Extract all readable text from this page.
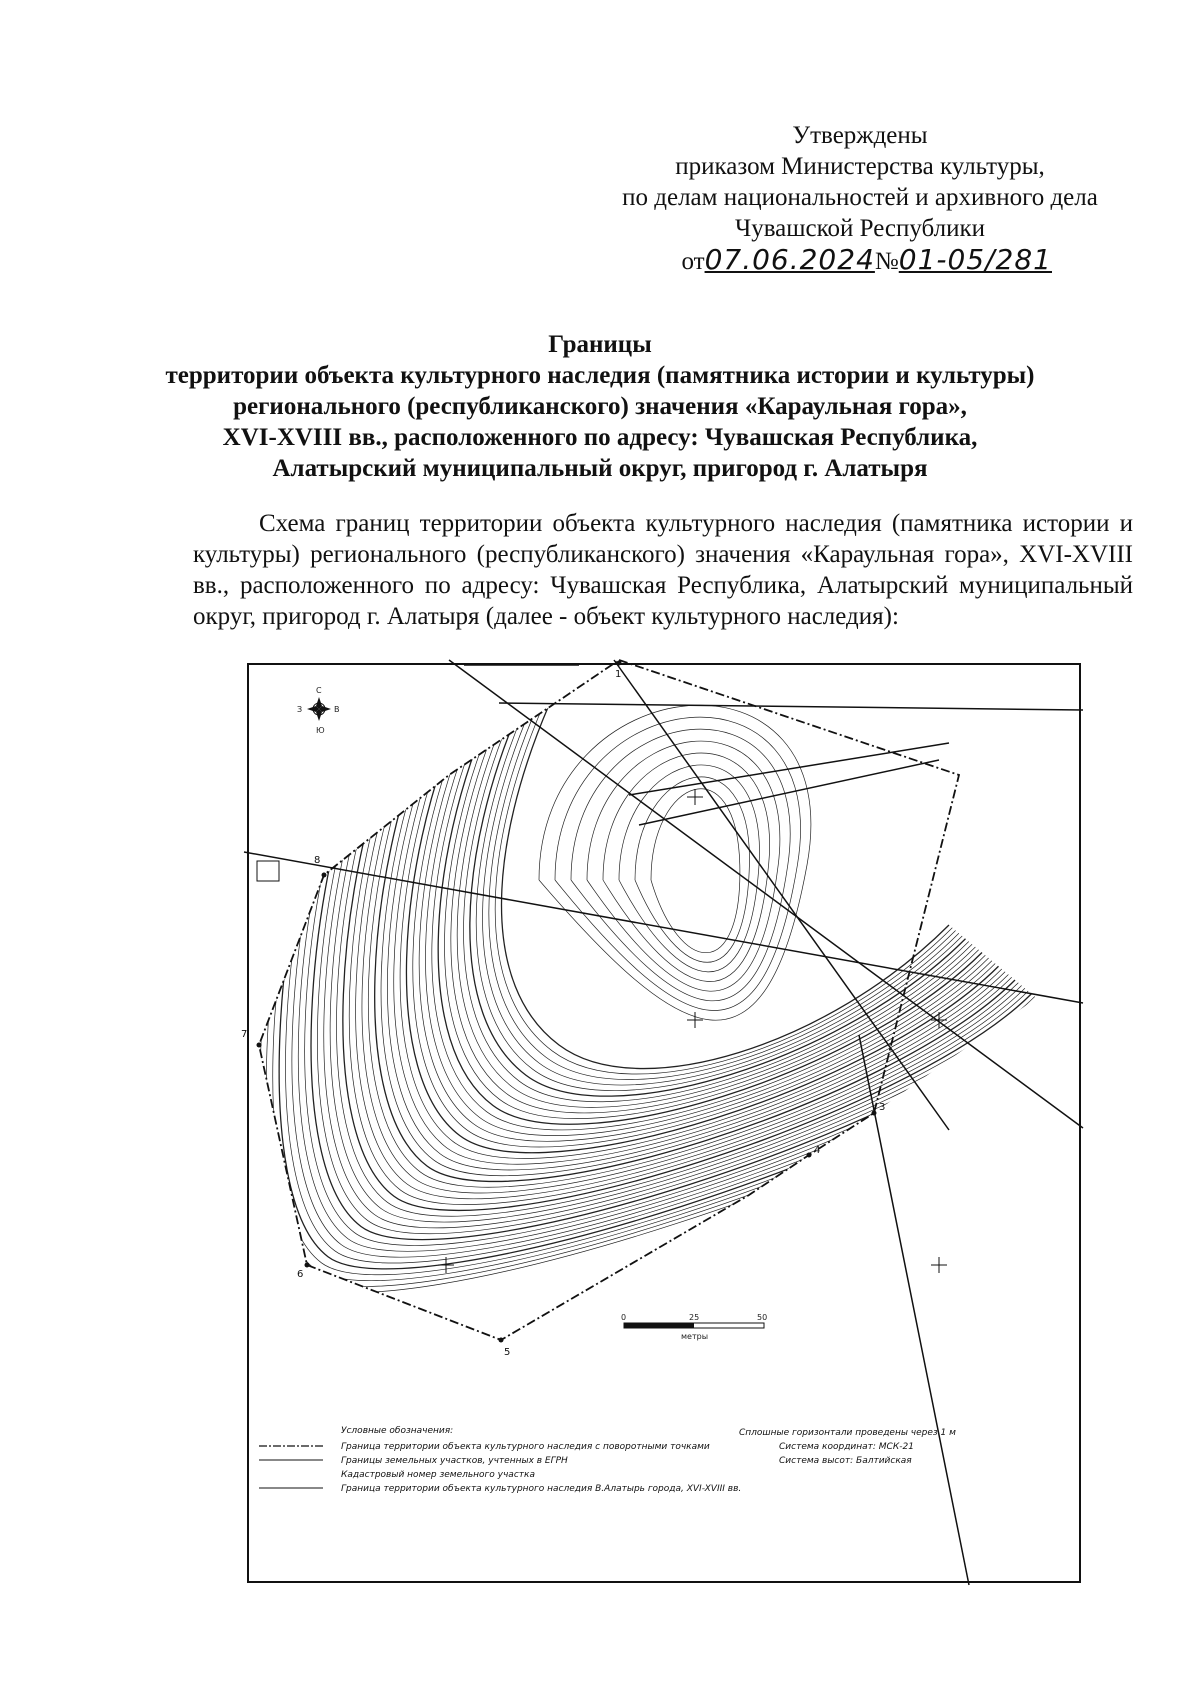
Утверждены
приказом Министерства культуры,
по делам национальностей и архивного дела
Чувашской Республики
от07.06.2024№01-05/281
Границы
территории объекта культурного наследия (памятника истории и культуры)
регионального (республиканского) значения «Караульная гора»,
XVI-XVIII вв., расположенного по адресу: Чувашская Республика,
Алатырский муниципальный округ, пригород г. Алатыря
Схема границ территории объекта культурного наследия (памятника истории и культуры) регионального (республиканского) значения «Караульная гора», XVI-XVIII вв., расположенного по адресу: Чувашская Республика, Алатырский муниципальный округ, пригород г. Алатыря (далее - объект культурного наследия):
С
Ю
З	В
1
3
4
5
6
7
8
0	25	50
метры
Условные обозначения:
Граница территории объекта культурного наследия с поворотными точками
Границы земельных участков, учтенных в ЕГРН
Кадастровый номер земельного участка
Граница территории объекта культурного наследия В.Алатырь города, XVI-XVIII вв.
Сплошные горизонтали проведены через 1 м
Система координат: МСК-21
Система высот: Балтийская
